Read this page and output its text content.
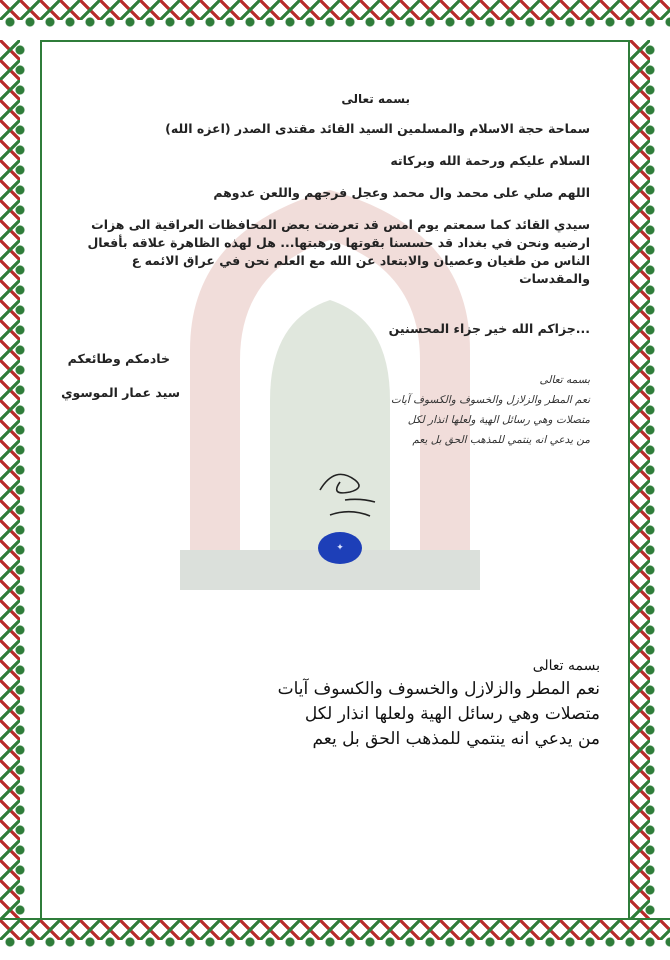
بسمه تعالى
سماحة حجة الاسلام والمسلمين السيد القائد مقتدى الصدر (اعزه الله)
السلام عليكم ورحمة الله وبركاته
اللهم صلي على محمد وال محمد وعجل فرجهم واللعن عدوهم
سيدي القائد كما سمعتم يوم امس قد تعرضت بعض المحافظات العراقية الى هزات
ارضيه ونحن في بغداد قد حسسنا بقوتها ورهبتها... هل لهذه الظاهرة علاقه بأفعال
الناس من طغيان وعصيان والابتعاد عن الله مع العلم نحن في عراق الائمه ع
والمقدسات
...جزاكم الله خير جزاء المحسنين
خادمكم وطائعكم
سيد عمار الموسوي
بسمه تعالى
نعم المطر والزلازل والخسوف والكسوف آيات
متصلات وهي رسائل الهية ولعلها انذار لكل
من يدعي انه ينتمي للمذهب الحق بل يعم
✦
بسمه تعالى
نعم المطر والزلازل والخسوف والكسوف آيات
متصلات وهي رسائل الهية ولعلها انذار لكل
من يدعي انه ينتمي للمذهب الحق بل يعم
